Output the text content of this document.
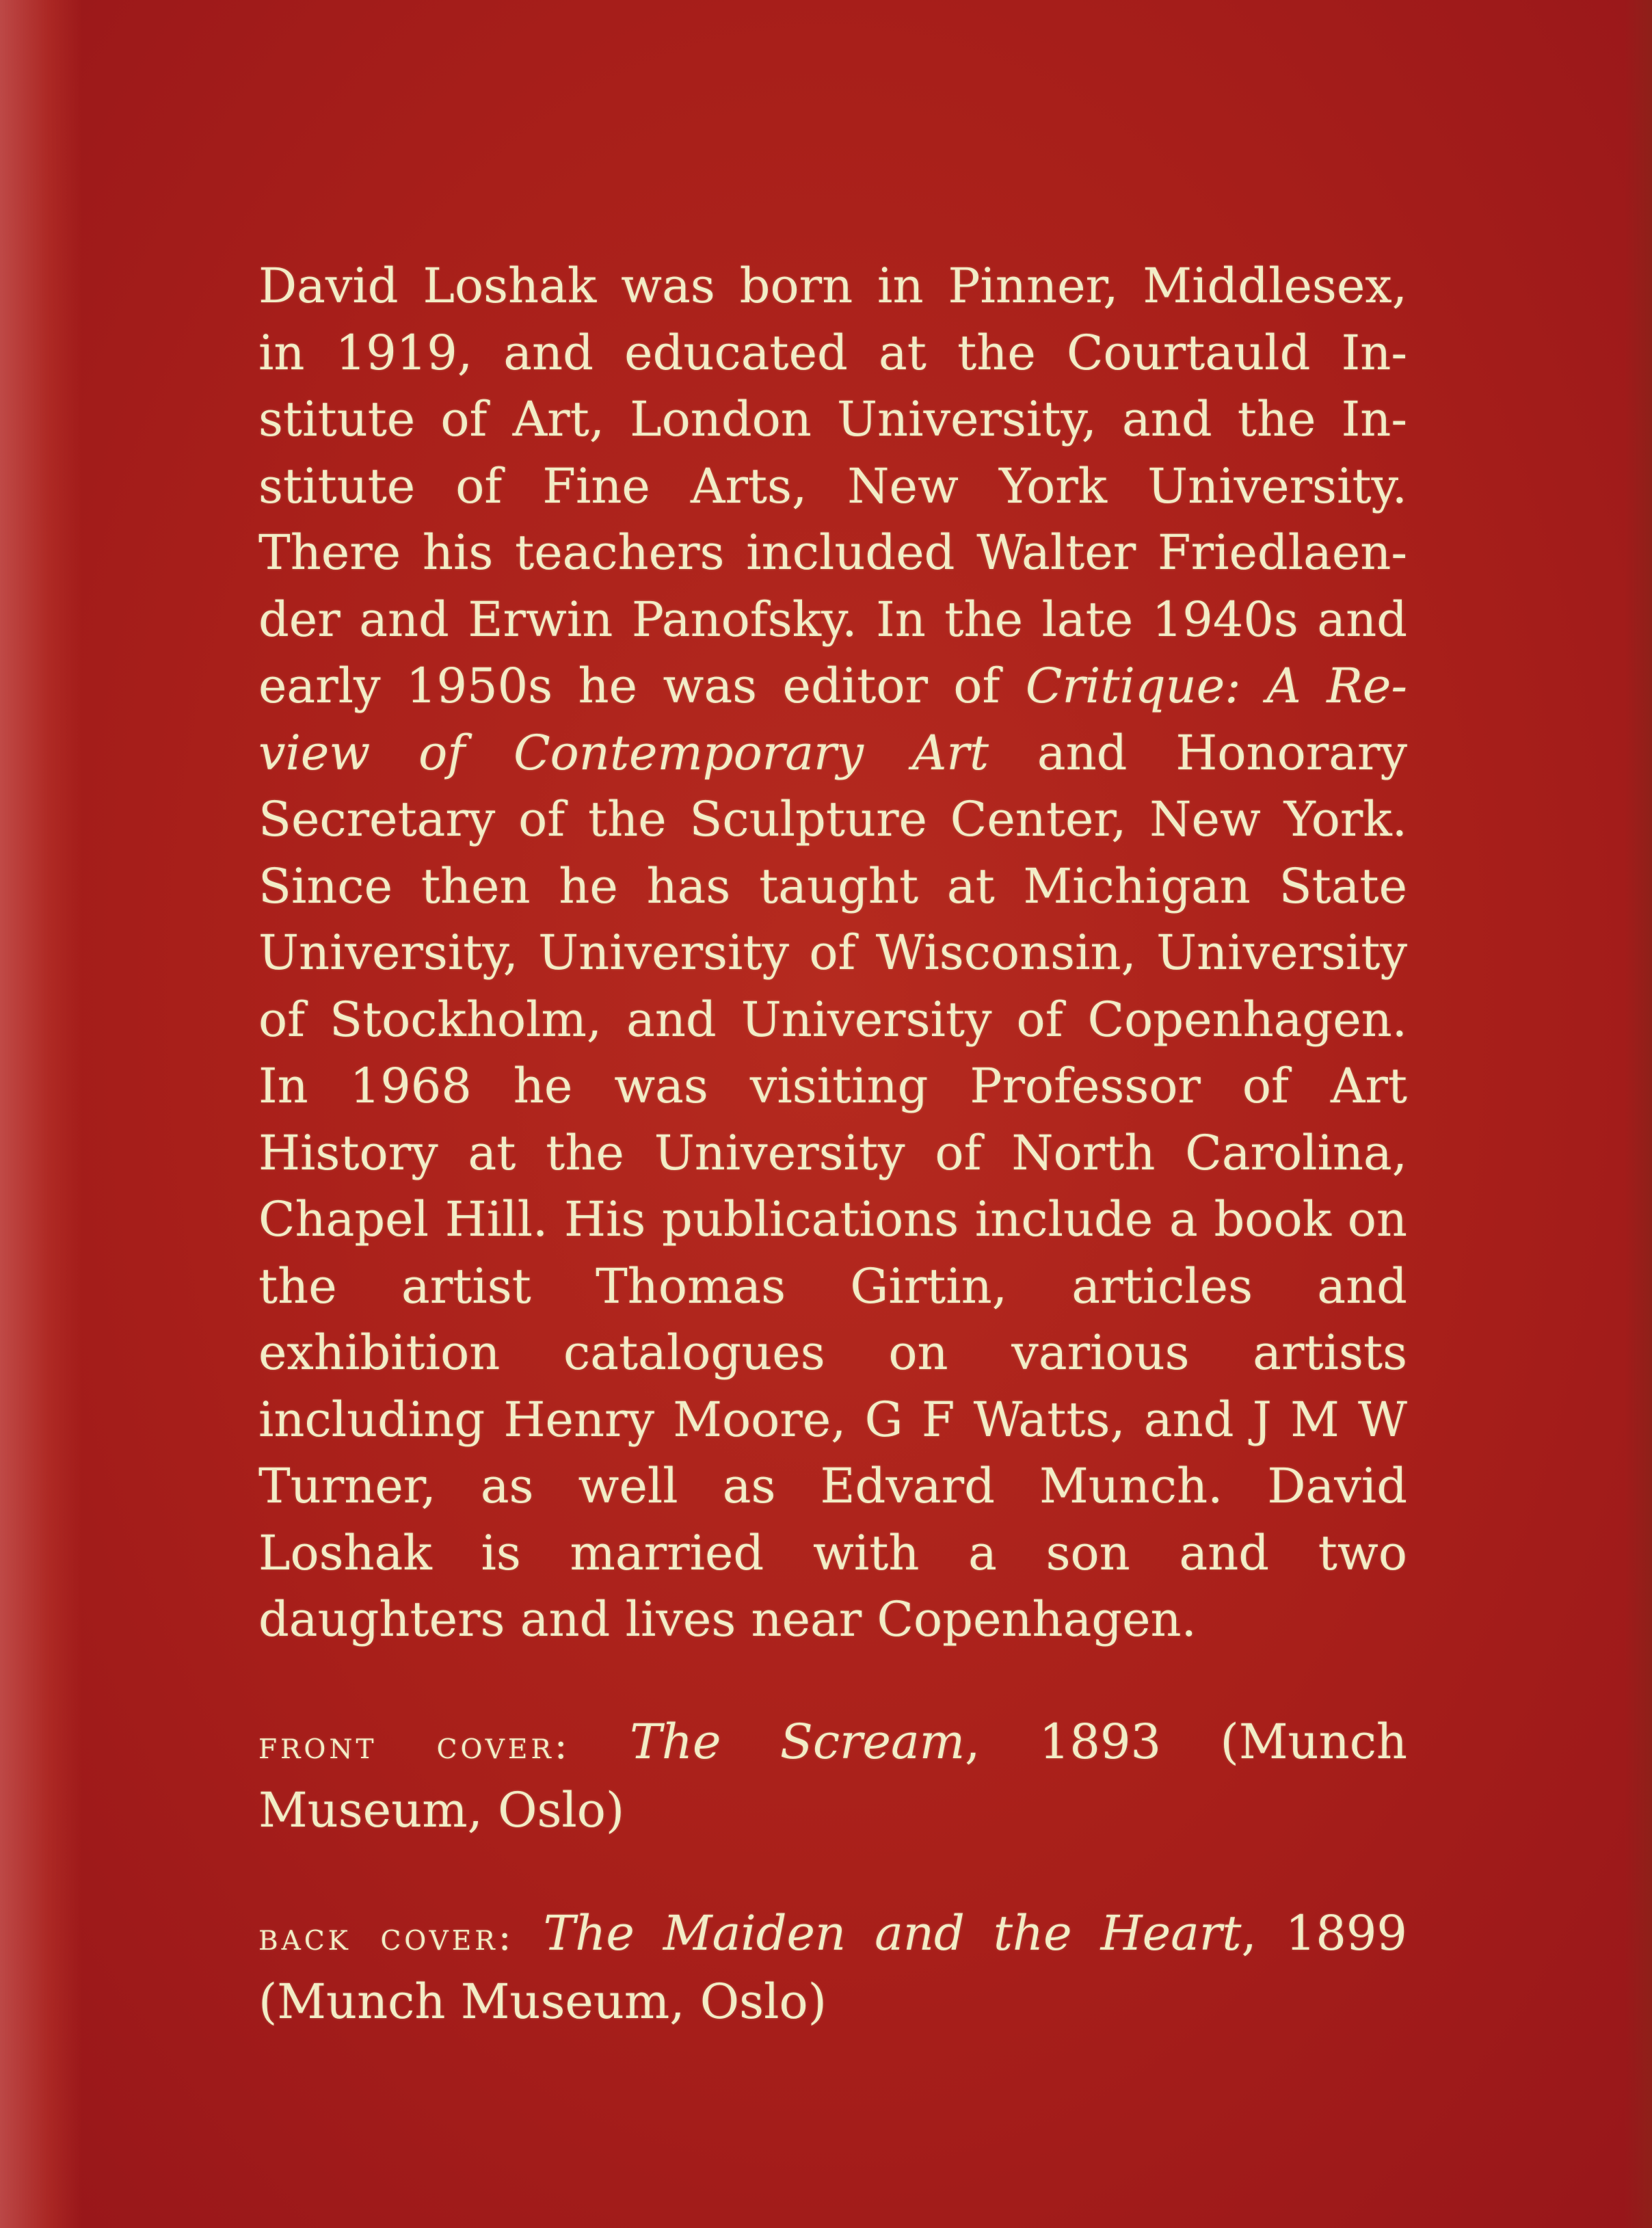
David Loshak was born in Pinner, Middlesex, in 1919, and educated at the Courtauld Institute of Art, London University, and the Institute of Fine Arts, New York University. There his teachers included Walter Friedlaender and Erwin Panofsky. In the late 1940s and early 1950s he was editor of Critique: A Review of Contemporary Art and Honorary Secretary of the Sculpture Center, New York. Since then he has taught at Michigan State University, University of Wisconsin, University of Stockholm, and University of Copenhagen. In 1968 he was visiting Professor of Art History at the University of North Carolina, Chapel Hill. His publications include a book on the artist Thomas Girtin, articles and exhibition catalogues on various artists including Henry Moore, G F Watts, and J M W Turner, as well as Edvard Munch. David Loshak is married with a son and two daughters and lives near Copenhagen.

front cover: The Scream, 1893 (Munch Museum, Oslo)

back cover: The Maiden and the Heart, 1899 (Munch Museum, Oslo)
